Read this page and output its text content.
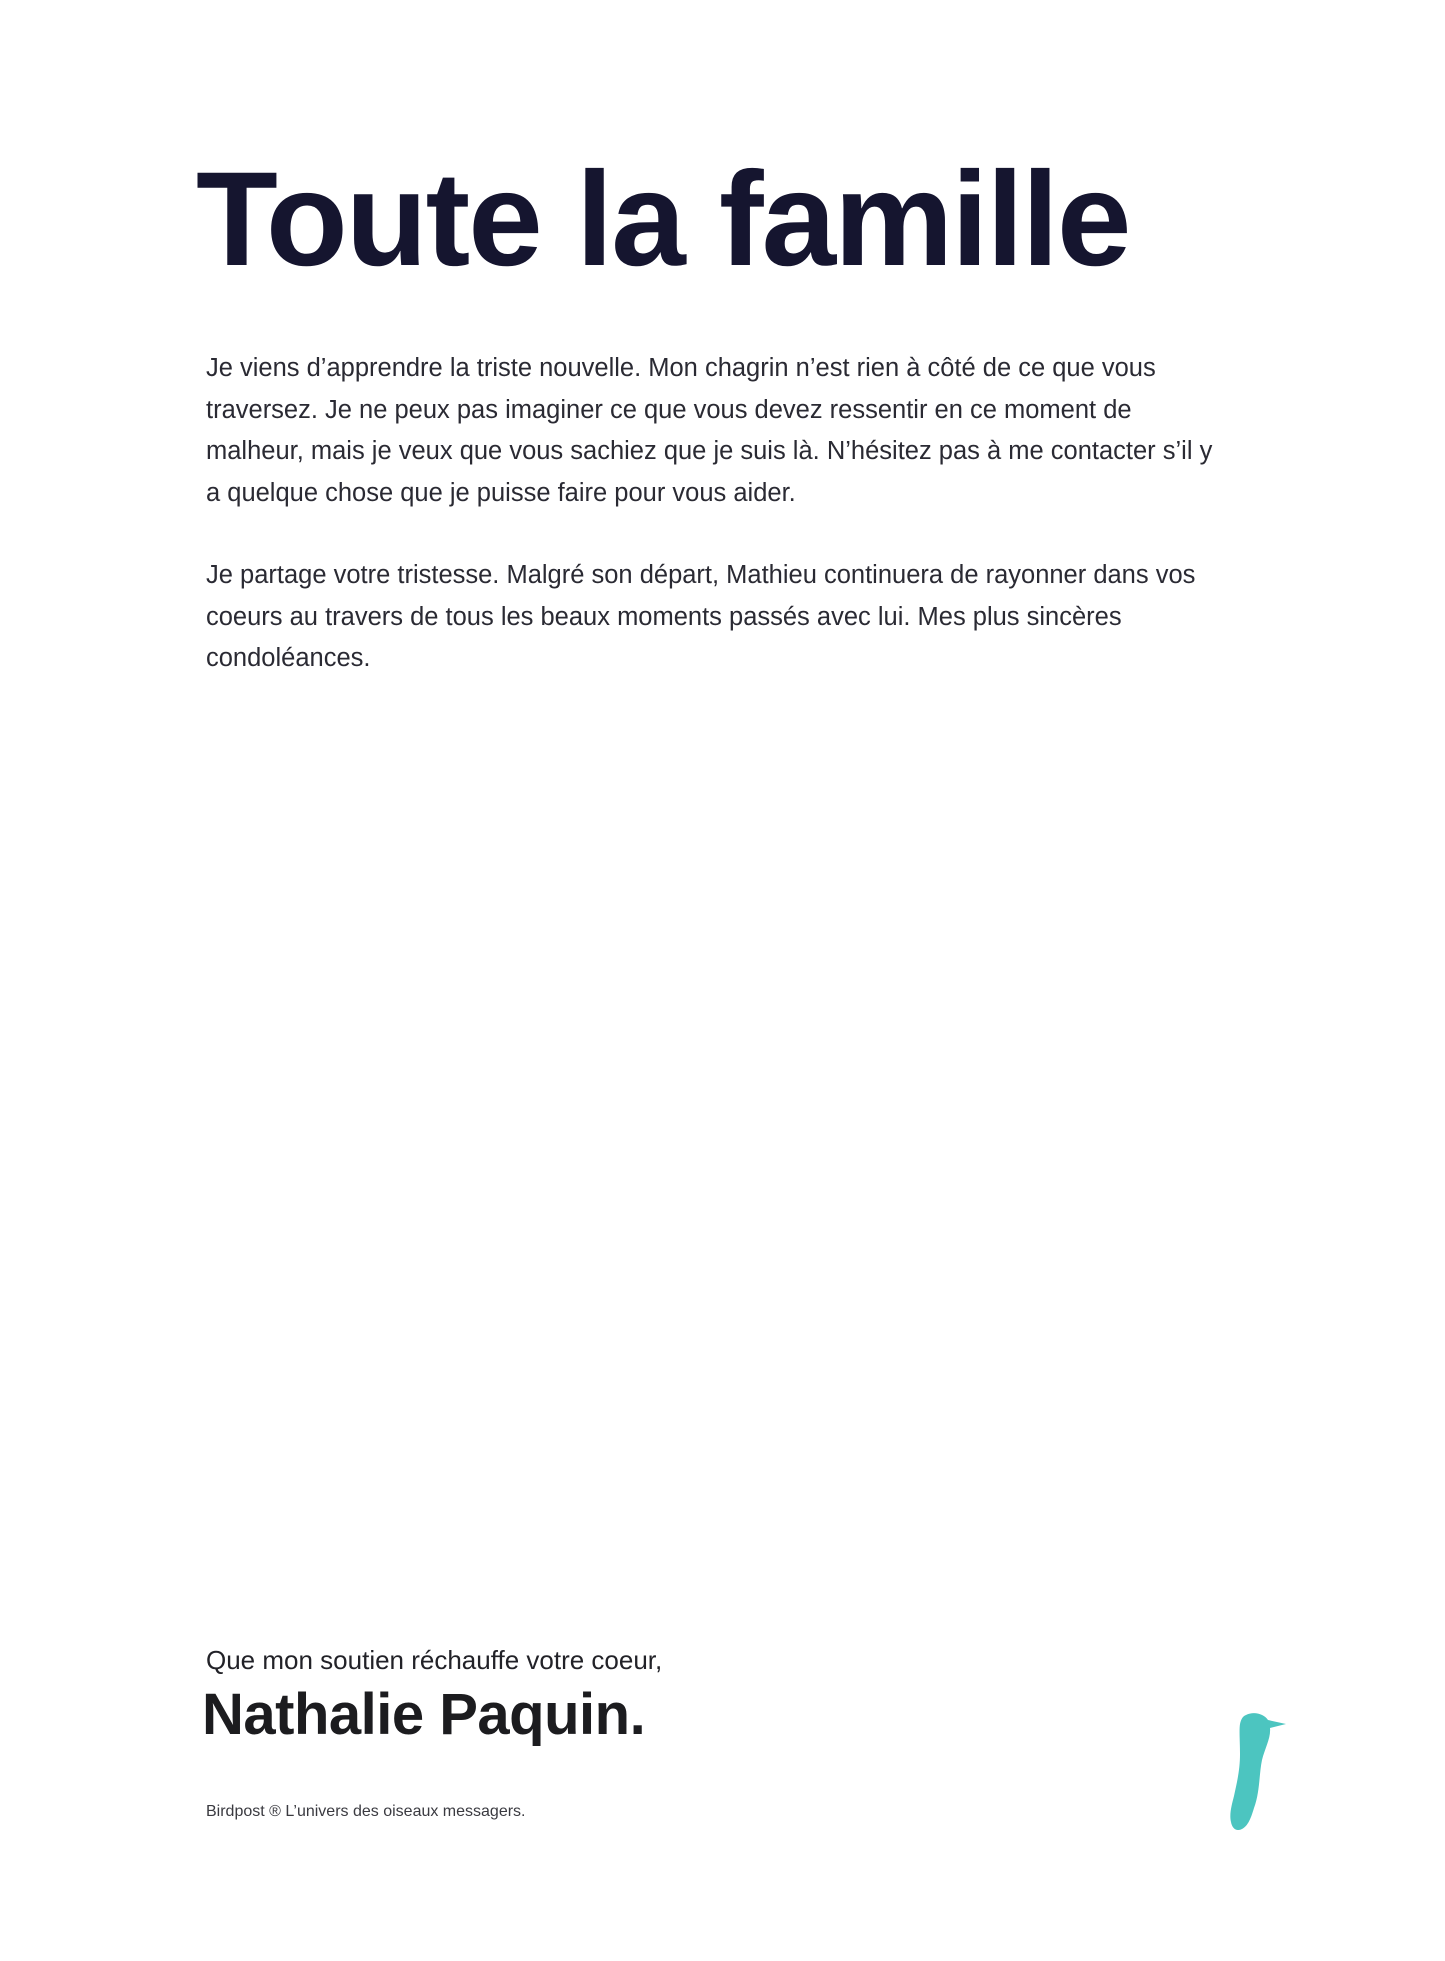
Toute la famille

Je viens d’apprendre la triste nouvelle. Mon chagrin n’est rien à côté de ce que vous traversez. Je ne peux pas imaginer ce que vous devez ressentir en ce moment de malheur, mais je veux que vous sachiez que je suis là. N’hésitez pas à me contacter s’il y a quelque chose que je puisse faire pour vous aider.

Je partage votre tristesse. Malgré son départ, Mathieu continuera de rayonner dans vos coeurs au travers de tous les beaux moments passés avec lui. Mes plus sincères condoléances.

Que mon soutien réchauffe votre coeur,
Nathalie Paquin.
Birdpost ® L’univers des oiseaux messagers.
